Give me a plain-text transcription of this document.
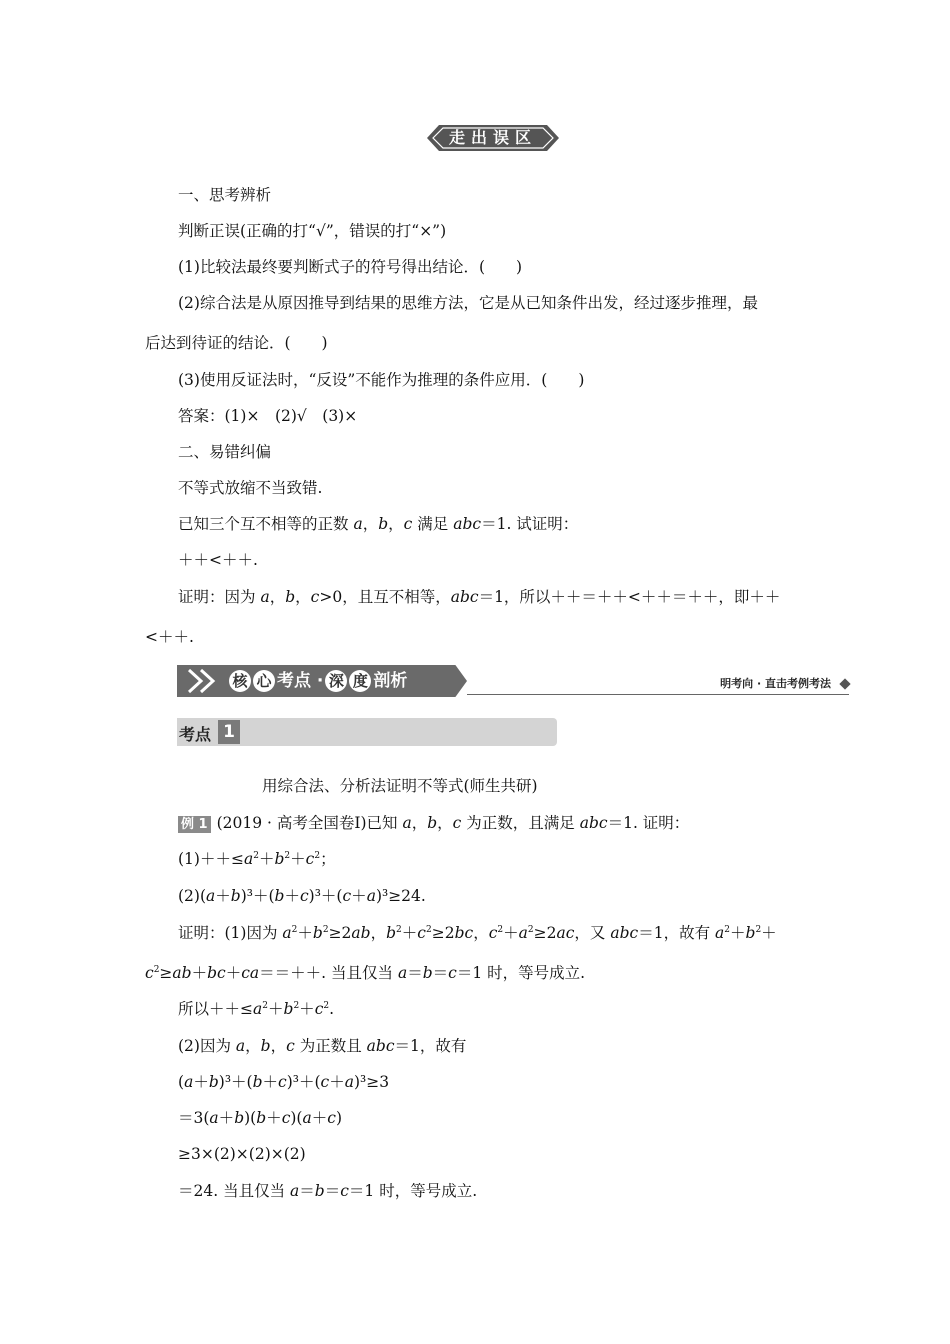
走出误区
一、思考辨析
判断正误(正确的打“√”，错误的打“×”)
(1)比较法最终要判断式子的符号得出结论．(　　)
(2)综合法是从原因推导到结果的思维方法，它是从已知条件出发，经过逐步推理，最
后达到待证的结论．(　　)
(3)使用反证法时，“反设”不能作为推理的条件应用．(　　)
答案：(1)×　(2)√　(3)×
二、易错纠偏
不等式放缩不当致错.
已知三个互不相等的正数 a，b，c 满足 abc＝1. 试证明：
＋＋<＋＋.
证明：因为 a，b，c>0，且互不相等，abc＝1，所以＋＋＝＋＋<＋＋＝＋＋，即＋＋
<＋＋.
核 心 考点 · 深 度 剖析	明考向 · 直击考例考法
考点 1
用综合法、分析法证明不等式(师生共研)
例 1 (2019 · 高考全国卷Ⅰ)已知 a，b，c 为正数，且满足 abc＝1. 证明：
$(1)++\le a^2+b^2+c^2$；
(2)(a＋b)³＋(b＋c)³＋(c＋a)³≥24.
证明：(1)因为 $a^2+b^2\ge 2ab$，$b^2+c^2\ge 2bc$，$c^2+a^2\ge 2ac$，又 abc＝1，故有 $a^2+b^2+$
$c^2\ge ab+bc+ca==++$. 当且仅当 a＝b＝c＝1 时，等号成立.
所以$++\le a^2+b^2+c^2$.
(2)因为 a，b，c 为正数且 abc＝1，故有
(a＋b)³＋(b＋c)³＋(c＋a)³≥3
＝3(a＋b)(b＋c)(a＋c)
≥3×(2)×(2)×(2)
＝24. 当且仅当 a＝b＝c＝1 时，等号成立.
